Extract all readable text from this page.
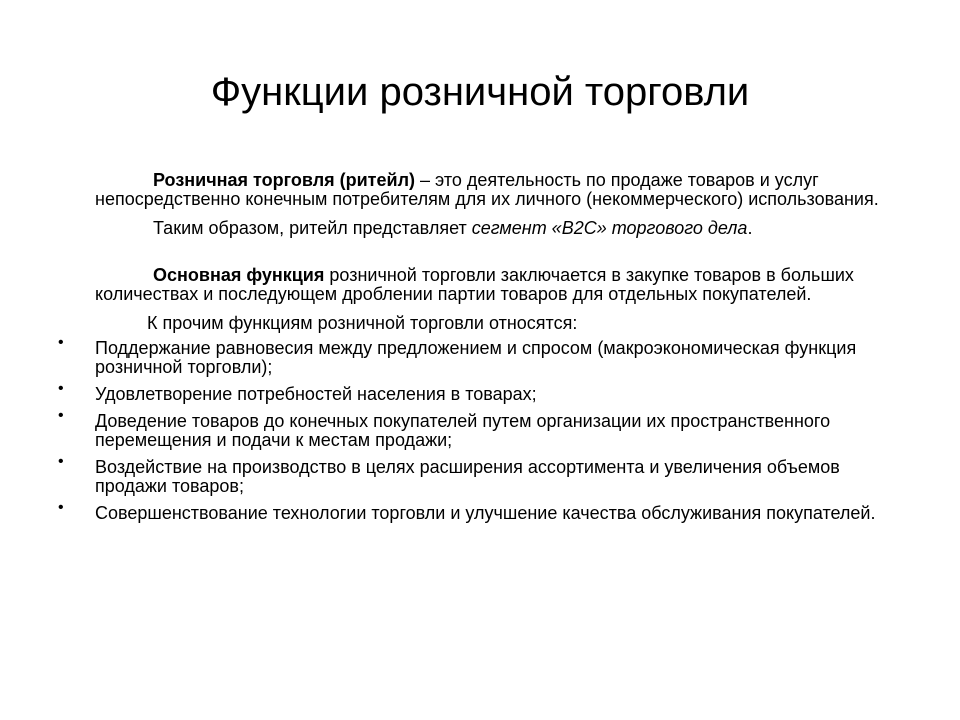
Функции розничной торговли

Розничная торговля (ритейл) – это деятельность по продаже товаров и услуг непосредственно конечным потребителям для их личного (некоммерческого) использования.

Таким образом, ритейл представляет сегмент «B2C» торгового дела.

Основная функция розничной торговли заключается в закупке товаров в больших количествах и последующем дроблении партии товаров для отдельных покупателей.

К прочим функциям розничной торговли относятся:

• Поддержание равновесия между предложением и спросом (макроэкономическая функция розничной торговли);
• Удовлетворение потребностей населения в товарах;
• Доведение товаров до конечных покупателей путем организации их пространственного перемещения и подачи к местам продажи;
• Воздействие на производство в целях расширения ассортимента и увеличения объемов продажи товаров;
• Совершенствование технологии торговли и улучшение качества обслуживания покупателей.
